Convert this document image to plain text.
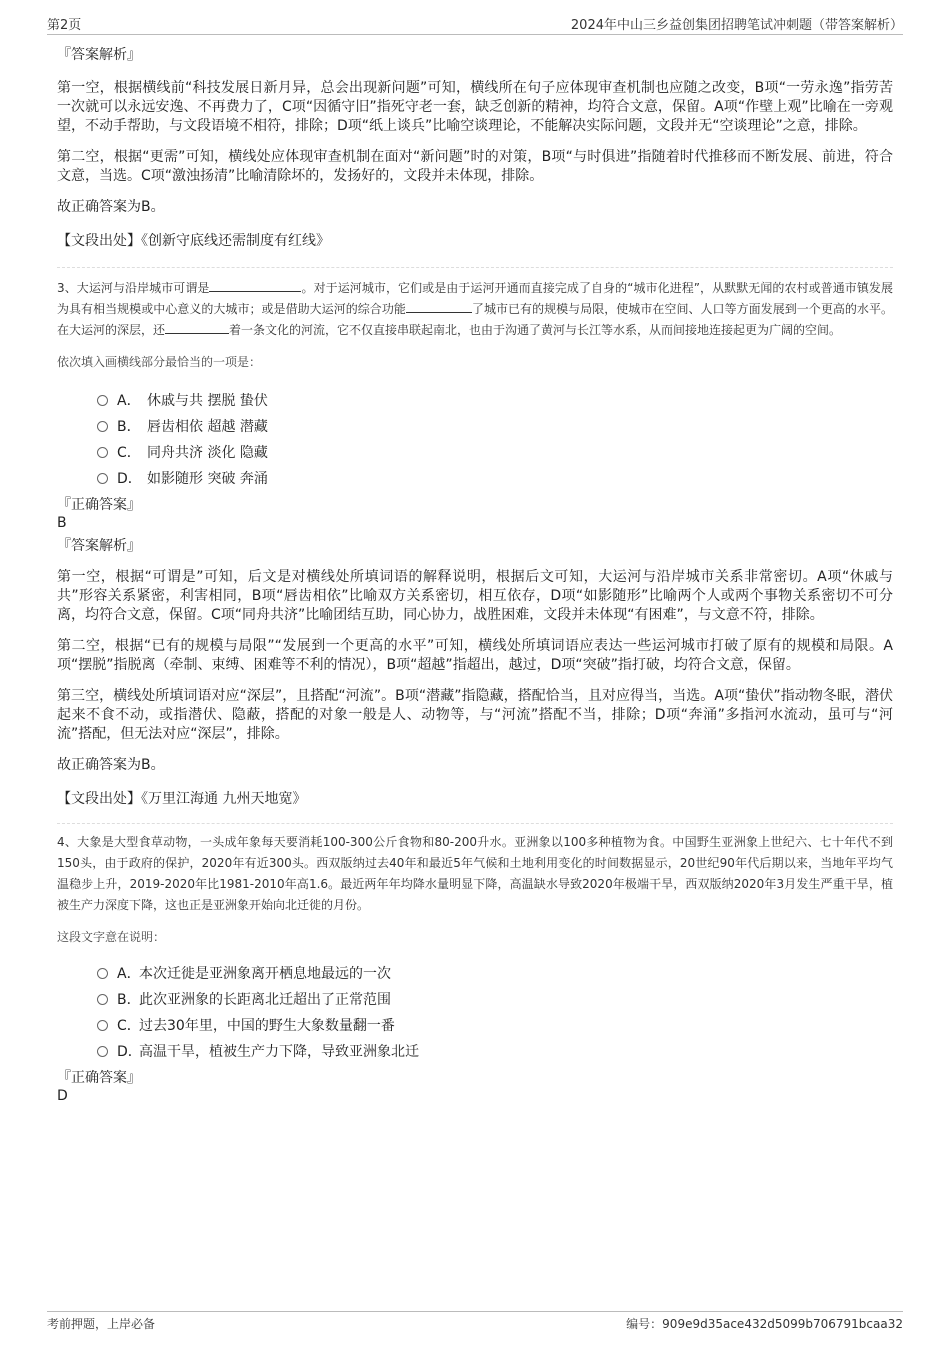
第2页	2024年中山三乡益创集团招聘笔试冲刺题（带答案解析）
『答案解析』

第一空，根据横线前“科技发展日新月异，总会出现新问题”可知，横线所在句子应体现审查机制也应随之改变，B项“一劳永逸”指劳苦一次就可以永远安逸、不再费力了，C项“因循守旧”指死守老一套，缺乏创新的精神，均符合文意，保留。A项“作壁上观”比喻在一旁观望，不动手帮助，与文段语境不相符，排除；D项“纸上谈兵”比喻空谈理论，不能解决实际问题，文段并无“空谈理论”之意，排除。

第二空，根据“更需”可知，横线处应体现审查机制在面对“新问题”时的对策，B项“与时俱进”指随着时代推移而不断发展、前进，符合文意，当选。C项“激浊扬清”比喻清除坏的，发扬好的，文段并未体现，排除。

故正确答案为B。

【文段出处】《创新守底线还需制度有红线》

3、大运河与沿岸城市可谓是	。对于运河城市，它们或是由于运河开通而直接完成了自身的“城市化进程”，从默默无闻的农村或普通市镇发展为具有相当规模或中心意义的大城市；或是借助大运河的综合功能	了城市已有的规模与局限，使城市在空间、人口等方面发展到一个更高的水平。在大运河的深层，还	着一条文化的河流，它不仅直接串联起南北，也由于沟通了黄河与长江等水系，从而间接地连接起更为广阔的空间。

依次填入画横线部分最恰当的一项是：
A． 休戚与共 摆脱 蛰伏
B． 唇齿相依 超越 潜藏
C． 同舟共济 淡化 隐藏
D． 如影随形 突破 奔涌
『正确答案』
B
『答案解析』

第一空，根据“可谓是”可知，后文是对横线处所填词语的解释说明，根据后文可知，大运河与沿岸城市关系非常密切。A项“休戚与共”形容关系紧密，利害相同，B项“唇齿相依”比喻双方关系密切，相互依存，D项“如影随形”比喻两个人或两个事物关系密切不可分离，均符合文意，保留。C项“同舟共济”比喻团结互助，同心协力，战胜困难，文段并未体现“有困难”，与文意不符，排除。

第二空，根据“已有的规模与局限”“发展到一个更高的水平”可知，横线处所填词语应表达一些运河城市打破了原有的规模和局限。A项“摆脱”指脱离（牵制、束缚、困难等不利的情况），B项“超越”指超出，越过，D项“突破”指打破，均符合文意，保留。

第三空，横线处所填词语对应“深层”，且搭配“河流”。B项“潜藏”指隐藏，搭配恰当，且对应得当，当选。A项“蛰伏”指动物冬眠，潜伏起来不食不动，或指潜伏、隐蔽，搭配的对象一般是人、动物等，与“河流”搭配不当，排除；D项“奔涌”多指河水流动，虽可与“河流”搭配，但无法对应“深层”，排除。

故正确答案为B。

【文段出处】《万里江海通 九州天地宽》

4、大象是大型食草动物，一头成年象每天要消耗100-300公斤食物和80-200升水。亚洲象以100多种植物为食。中国野生亚洲象上世纪六、七十年代不到150头，由于政府的保护，2020年有近300头。西双版纳过去40年和最近5年气候和土地利用变化的时间数据显示，20世纪90年代后期以来，当地年平均气温稳步上升，2019-2020年比1981-2010年高1.6。最近两年年均降水量明显下降，高温缺水导致2020年极端干旱，西双版纳2020年3月发生严重干旱，植被生产力深度下降，这也正是亚洲象开始向北迁徙的月份。

这段文字意在说明：
A．
本次迁徙是亚洲象离开栖息地最远的一次
B．
此次亚洲象的长距离北迁超出了正常范围
C．
过去30年里，中国的野生大象数量翻一番
D．
高温干旱，植被生产力下降，导致亚洲象北迁
『正确答案』
D
考前押题，上岸必备	编号：909e9d35ace432d5099b706791bcaa32
